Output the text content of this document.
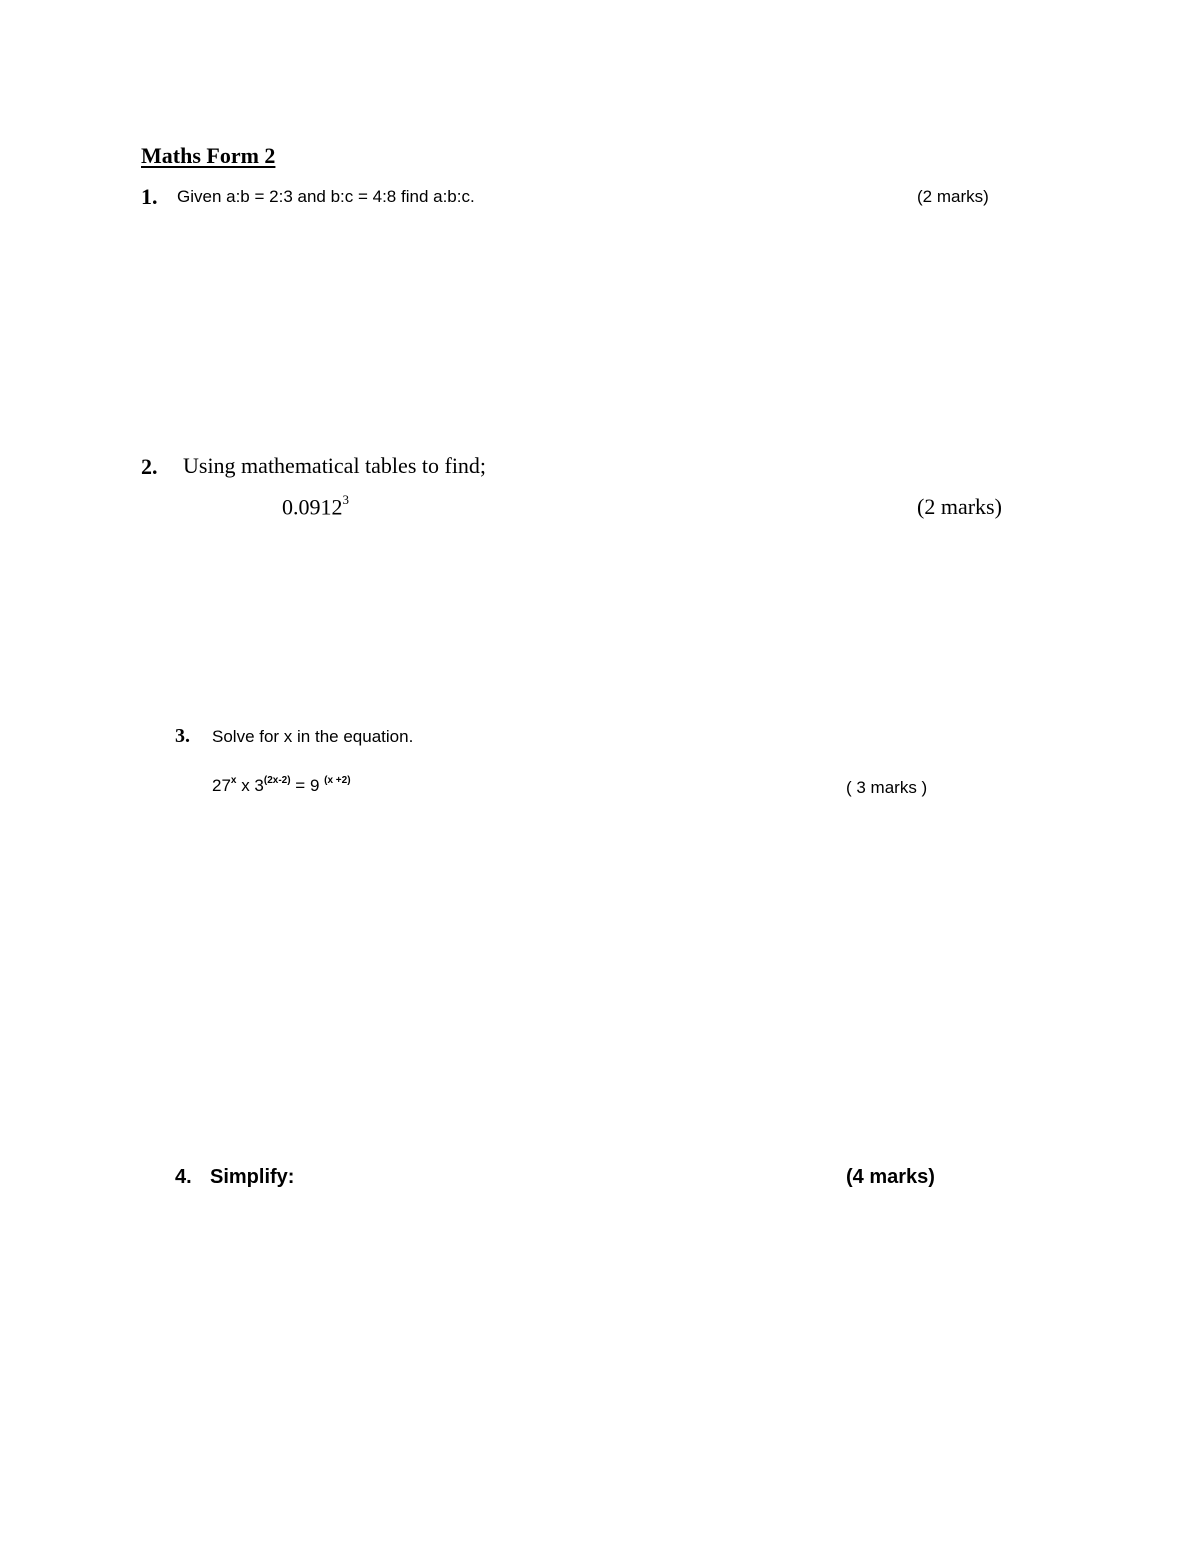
Maths Form 2
1. Given a:b = 2:3 and b:c = 4:8 find a:b:c.	(2 marks)
2. Using mathematical tables to find;
0.0912$^3$	(2 marks)
3. Solve for x in the equation.
27$^x$ x $3^{(2x-2)} = 9$ $^{(x +2)}$	( 3 marks )
4. Simplify:	(4 marks)
